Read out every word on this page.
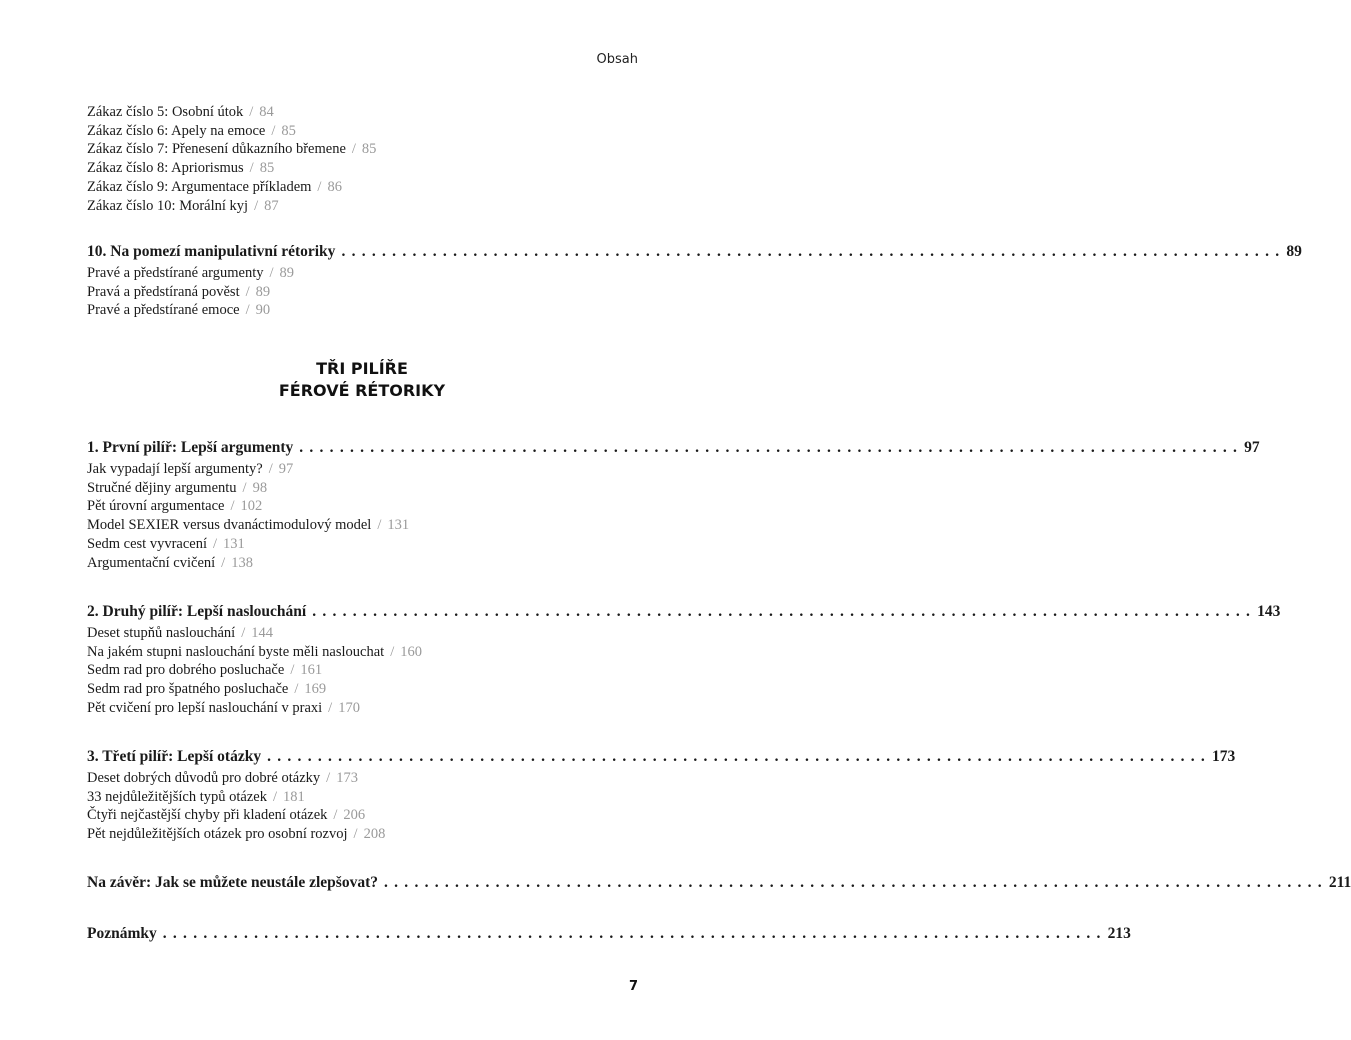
Obsah
Zákaz číslo 5: Osobní útok / 84
Zákaz číslo 6: Apely na emoce / 85
Zákaz číslo 7: Přenesení důkazního břemene / 85
Zákaz číslo 8: Apriorismus / 85
Zákaz číslo 9: Argumentace příkladem / 86
Zákaz číslo 10: Morální kyj / 87
10. Na pomezí manipulativní rétoriky . . . . . . . . . . . . . . . . . . . . . . . . . . . . . . . . . . . . . . . . . . . . . . . . . . . . . . . . . . . . . . . . . . . . . . . . . . . . . . . . . . . . . . . . . . . . . 89
Pravé a předstírané argumenty / 89
Pravá a předstíraná pověst / 89
Pravé a předstírané emoce / 90
TŘI PILÍŘE
FÉROVÉ RÉTORIKY
1. První pilíř: Lepší argumenty . . . . . . . . . . . . . . . . . . . . . . . . . . . . . . . . . . . . . . . . . . . . . . . . . . . . . . . . . . . . . . . . . . . . . . . . . . . . . . . . . . . . . . . . . . . . . 97
Jak vypadají lepší argumenty? / 97
Stručné dějiny argumentu / 98
Pět úrovní argumentace / 102
Model SEXIER versus dvanáctimodulový model / 131
Sedm cest vyvracení / 131
Argumentační cvičení / 138
2. Druhý pilíř: Lepší naslouchání . . . . . . . . . . . . . . . . . . . . . . . . . . . . . . . . . . . . . . . . . . . . . . . . . . . . . . . . . . . . . . . . . . . . . . . . . . . . . . . . . . . . . . . . . . . . . 143
Deset stupňů naslouchání / 144
Na jakém stupni naslouchání byste měli naslouchat / 160
Sedm rad pro dobrého posluchače / 161
Sedm rad pro špatného posluchače / 169
Pět cvičení pro lepší naslouchání v praxi / 170
3. Třetí pilíř: Lepší otázky . . . . . . . . . . . . . . . . . . . . . . . . . . . . . . . . . . . . . . . . . . . . . . . . . . . . . . . . . . . . . . . . . . . . . . . . . . . . . . . . . . . . . . . . . . . . . 173
Deset dobrých důvodů pro dobré otázky / 173
33 nejdůležitějších typů otázek / 181
Čtyři nejčastější chyby při kladení otázek / 206
Pět nejdůležitějších otázek pro osobní rozvoj / 208
Na závěr: Jak se můžete neustále zlepšovat? . . . . . . . . . . . . . . . . . . . . . . . . . . . . . . . . . . . . . . . . . . . . . . . . . . . . . . . . . . . . . . . . . . . . . . . . . . . . . . . . . . . . . . . . . . . . . 211
Poznámky . . . . . . . . . . . . . . . . . . . . . . . . . . . . . . . . . . . . . . . . . . . . . . . . . . . . . . . . . . . . . . . . . . . . . . . . . . . . . . . . . . . . . . . . . . . . . 213
7
